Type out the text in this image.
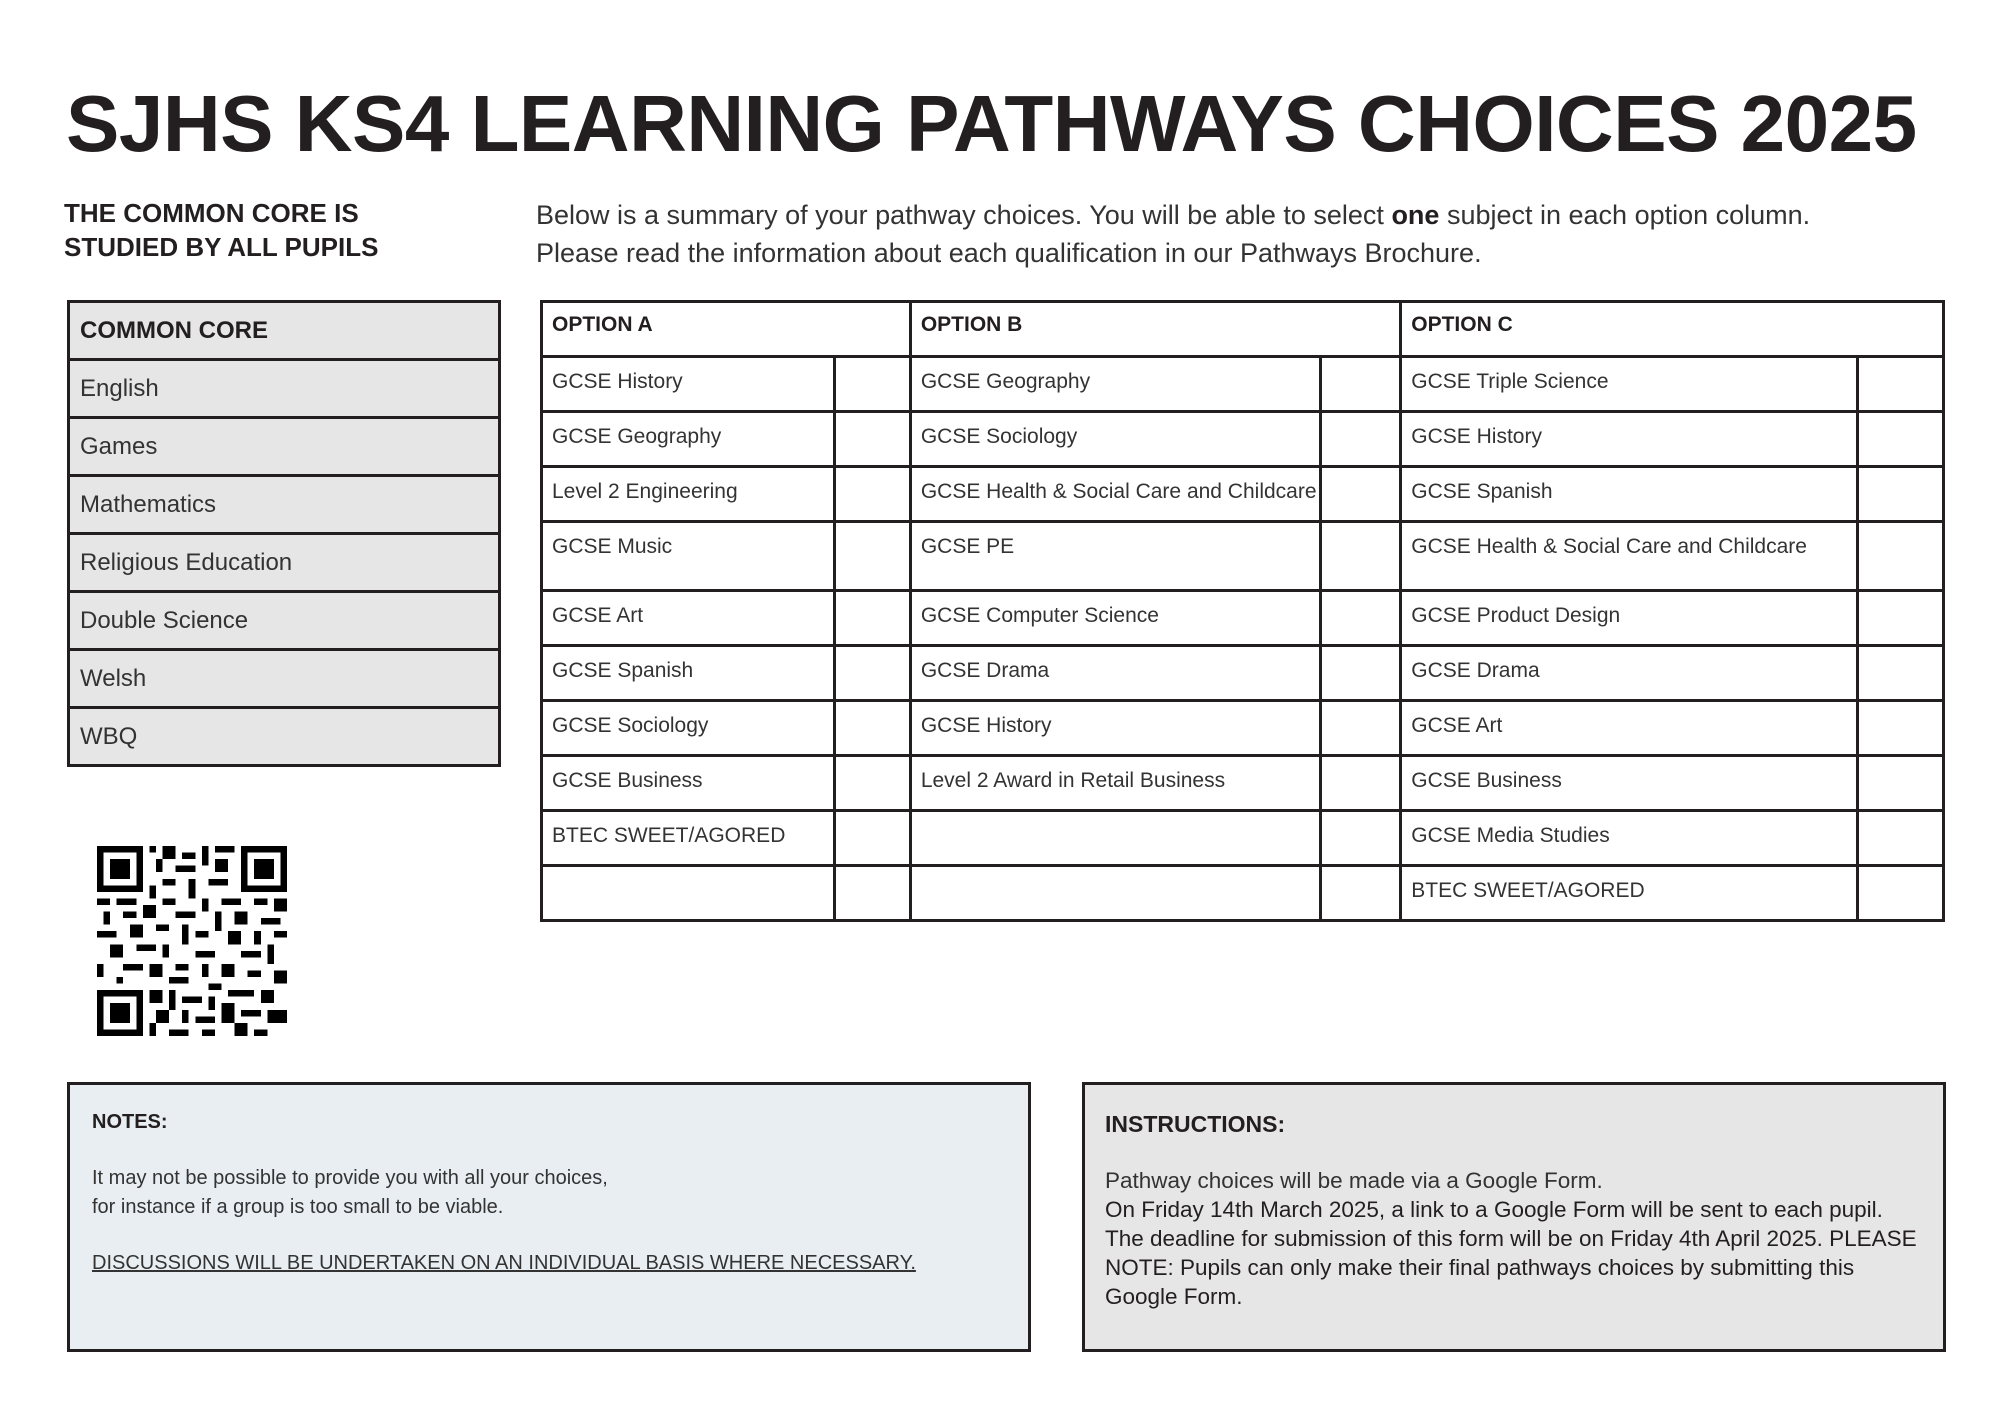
SJHS KS4 LEARNING PATHWAYS CHOICES 2025

THE COMMON CORE IS
STUDIED BY ALL PUPILS

Below is a summary of your pathway choices. You will be able to select one subject in each option column.
Please read the information about each qualification in our Pathways Brochure.

COMMON CORE
English
Games
Mathematics
Religious Education
Double Science
Welsh
WBQ
OPTION A		OPTION B		OPTION C	
GCSE History		GCSE Geography		GCSE Triple Science	
GCSE Geography		GCSE Sociology		GCSE History	
Level 2 Engineering		GCSE Health & Social Care and Childcare		GCSE Spanish	
GCSE Music		GCSE PE		GCSE Health & Social Care and Childcare	
GCSE Art		GCSE Computer Science		GCSE Product Design	
GCSE Spanish		GCSE Drama		GCSE Drama	
GCSE Sociology		GCSE History		GCSE Art	
GCSE Business		Level 2 Award in Retail Business		GCSE Business	
BTEC SWEET/AGORED				GCSE Media Studies	
				BTEC SWEET/AGORED	
NOTES:

It may not be possible to provide you with all your choices,
for instance if a group is too small to be viable.

DISCUSSIONS WILL BE UNDERTAKEN ON AN INDIVIDUAL BASIS WHERE NECESSARY.

INSTRUCTIONS:

Pathway choices will be made via a Google Form.

On Friday 14th March 2025, a link to a Google Form will be sent to each pupil. The deadline for submission of this form will be on Friday 4th April 2025. PLEASE NOTE: Pupils can only make their final pathways choices by submitting this Google Form.
